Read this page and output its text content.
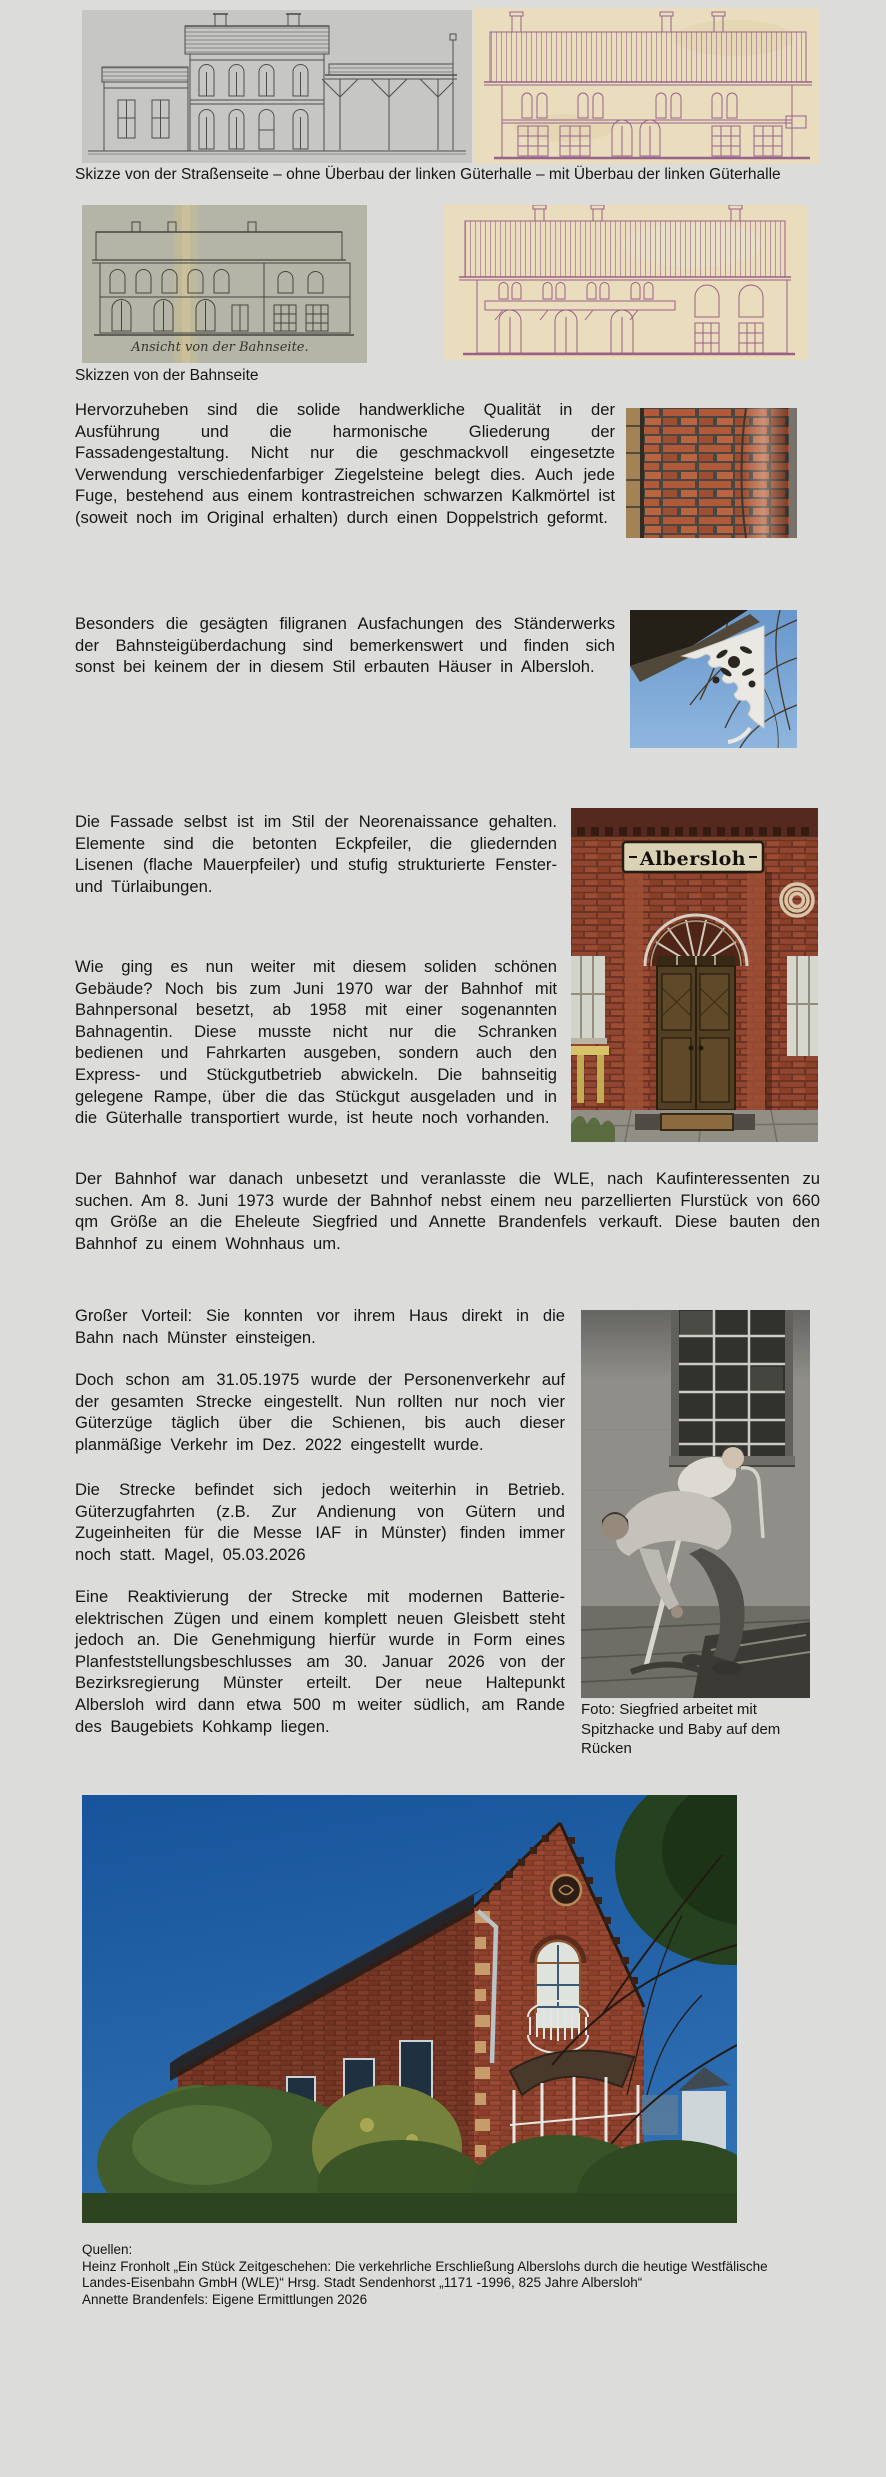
Skizze von der Straßenseite – ohne Überbau der linken Güterhalle – mit Überbau der linken Güterhalle
Ansicht von der Bahnseite.
Skizzen von der Bahnseite
Hervorzuheben sind die solide handwerkliche Qualität in der Ausführung und die harmonische Gliederung der Fassadengestaltung. Nicht nur die geschmackvoll eingesetzte Verwendung verschiedenfarbiger Ziegelsteine belegt dies. Auch jede Fuge, bestehend aus einem kontrastreichen schwarzen Kalkmörtel ist (soweit noch im Original erhalten) durch einen Doppelstrich geformt.
Besonders die gesägten filigranen Ausfachungen des Ständerwerks der Bahnsteigüberdachung sind bemerkenswert und finden sich sonst bei keinem der in diesem Stil erbauten Häuser in Albersloh.
Die Fassade selbst ist im Stil der Neorenaissance gehalten. Elemente sind die betonten Eckpfeiler, die gliedernden Lisenen (flache Mauerpfeiler) und stufig strukturierte Fenster- und Türlaibungen.
Albersloh
Wie ging es nun weiter mit diesem soliden schönen Gebäude? Noch bis zum Juni 1970 war der Bahnhof mit Bahnpersonal besetzt, ab 1958 mit einer sogenannten Bahnagentin. Diese musste nicht nur die Schranken bedienen und Fahrkarten ausgeben, sondern auch den Express- und Stückgutbetrieb abwickeln. Die bahnseitig gelegene Rampe, über die das Stückgut ausgeladen und in die Güterhalle transportiert wurde, ist heute noch vorhanden.
Der Bahnhof war danach unbesetzt und veranlasste die WLE, nach Kaufinteressenten zu suchen. Am 8. Juni 1973 wurde der Bahnhof nebst einem neu parzellierten Flurstück von 660 qm Größe an die Eheleute Siegfried und Annette Brandenfels verkauft. Diese bauten den Bahnhof zu einem Wohnhaus um.
Großer Vorteil: Sie konnten vor ihrem Haus direkt in die Bahn nach Münster einsteigen.
Doch schon am 31.05.1975 wurde der Personenverkehr auf der gesamten Strecke eingestellt. Nun rollten nur noch vier Güterzüge täglich über die Schienen, bis auch dieser planmäßige Verkehr im Dez. 2022 eingestellt wurde.
Die Strecke befindet sich jedoch weiterhin in Betrieb. Güterzugfahrten (z.B. Zur Andienung von Gütern und Zugeinheiten für die Messe IAF in Münster) finden immer noch statt. Magel, 05.03.2026
Eine Reaktivierung der Strecke mit modernen Batterie-elektrischen Zügen und einem komplett neuen Gleisbett steht jedoch an. Die Genehmigung hierfür wurde in Form eines Planfeststellungsbeschlusses am 30. Januar 2026 von der Bezirksregierung Münster erteilt. Der neue Haltepunkt Albersloh wird dann etwa 500 m weiter südlich, am Rande des Baugebiets Kohkamp liegen.
Foto: Siegfried arbeitet mit Spitzhacke und Baby auf dem Rücken
Quellen:
Heinz Fronholt „Ein Stück Zeitgeschehen: Die verkehrliche Erschließung Alberslohs durch die heutige Westfälische
Landes-Eisenbahn GmbH (WLE)“ Hrsg. Stadt Sendenhorst „1171 -1996, 825 Jahre Albersloh“
Annette Brandenfels: Eigene Ermittlungen 2026
